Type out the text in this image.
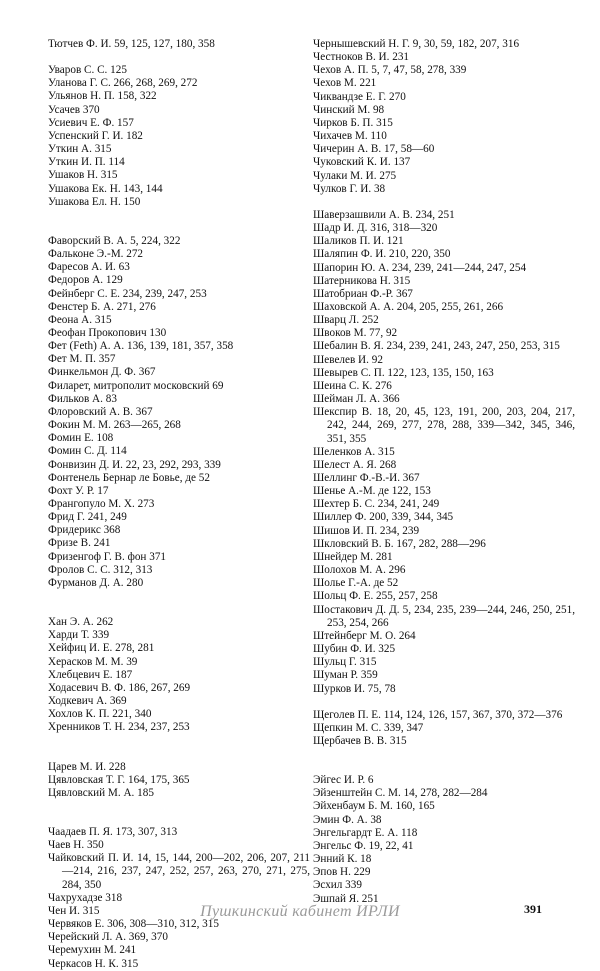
Тютчев Ф. И. 59, 125, 127, 180, 358
Уваров С. С. 125
Уланова Г. С. 266, 268, 269, 272
Ульянов Н. П. 158, 322
Усачев 370
Усиевич Е. Ф. 157
Успенский Г. И. 182
Уткин А. 315
Уткин И. П. 114
Ушаков Н. 315
Ушакова Ек. Н. 143, 144
Ушакова Ел. Н. 150
Фаворский В. А. 5, 224, 322
Фальконе Э.-М. 272
Фаресов А. И. 63
Федоров А. 129
Фейнберг С. Е. 234, 239, 247, 253
Фенстер Б. А. 271, 276
Феона А. 315
Феофан Прокопович 130
Фет (Feth) А. А. 136, 139, 181, 357, 358
Фет М. П. 357
Финкельмон Д. Ф. 367
Филарет, митрополит московский 69
Фильков А. 83
Флоровский А. В. 367
Фокин М. М. 263—265, 268
Фомин Е. 108
Фомин С. Д. 114
Фонвизин Д. И. 22, 23, 292, 293, 339
Фонтенель Бернар ле Бовье, де 52
Фохт У. Р. 17
Франгопуло М. Х. 273
Фрид Г. 241, 249
Фридерикс 368
Фризе В. 241
Фризенгоф Г. В. фон 371
Фролов С. С. 312, 313
Фурманов Д. А. 280
Хан Э. А. 262
Харди Т. 339
Хейфиц И. Е. 278, 281
Херасков М. М. 39
Хлебцевич Е. 187
Ходасевич В. Ф. 186, 267, 269
Ходкевич А. 369
Хохлов К. П. 221, 340
Хренников Т. Н. 234, 237, 253
Царев М. И. 228
Цявловская Т. Г. 164, 175, 365
Цявловский М. А. 185
Чаадаев П. Я. 173, 307, 313
Чаев Н. 350
Чайковский П. И. 14, 15, 144, 200—202, 206, 207, 211—214, 216, 237, 247, 252, 257, 263, 270, 271, 275, 284, 350
Чахрухадзе 318
Чен И. 315
Червяков Е. 306, 308—310, 312, 315
Черейский Л. А. 369, 370
Черемухин М. 241
Черкасов Н. К. 315
Чернышевский Н. Г. 9, 30, 59, 182, 207, 316
Честноков В. И. 231
Чехов А. П. 5, 7, 47, 58, 278, 339
Чехов М. 221
Чиквандзе Е. Г. 270
Чинский М. 98
Чирков Б. П. 315
Чихачев М. 110
Чичерин А. В. 17, 58—60
Чуковский К. И. 137
Чулаки М. И. 275
Чулков Г. И. 38
Шаверзашвили А. В. 234, 251
Шадр И. Д. 316, 318—320
Шаликов П. И. 121
Шаляпин Ф. И. 210, 220, 350
Шапорин Ю. А. 234, 239, 241—244, 247, 254
Шатерникова Н. 315
Шатобриан Ф.-Р. 367
Шаховской А. А. 204, 205, 255, 261, 266
Шварц Л. 252
Швоков М. 77, 92
Шебалин В. Я. 234, 239, 241, 243, 247, 250, 253, 315
Шевелев И. 92
Шевырев С. П. 122, 123, 135, 150, 163
Шеина С. К. 276
Шейман Л. А. 366
Шекспир В. 18, 20, 45, 123, 191, 200, 203, 204, 217, 242, 244, 269, 277, 278, 288, 339—342, 345, 346, 351, 355
Шеленков А. 315
Шелест А. Я. 268
Шеллинг Ф.-В.-И. 367
Шенье А.-М. де 122, 153
Шехтер Б. С. 234, 241, 249
Шиллер Ф. 200, 339, 344, 345
Шишов И. П. 234, 239
Шкловский В. Б. 167, 282, 288—296
Шнейдер М. 281
Шолохов М. А. 296
Шолье Г.-А. де 52
Шольц Ф. Е. 255, 257, 258
Шостакович Д. Д. 5, 234, 235, 239—244, 246, 250, 251, 253, 254, 266
Штейнберг М. О. 264
Шубин Ф. И. 325
Шульц Г. 315
Шуман Р. 359
Шурков И. 75, 78
Щеголев П. Е. 114, 124, 126, 157, 367, 370, 372—376
Щепкин М. С. 339, 347
Щербачев В. В. 315
Эйгес И. Р. 6
Эйзенштейн С. М. 14, 278, 282—284
Эйхенбаум Б. М. 160, 165
Эмин Ф. А. 38
Энгельгардт Е. А. 118
Энгельс Ф. 19, 22, 41
Энний К. 18
Эпов Н. 229
Эсхил 339
Эшпай Я. 251
Пушкинский кабинет ИРЛИ	391
